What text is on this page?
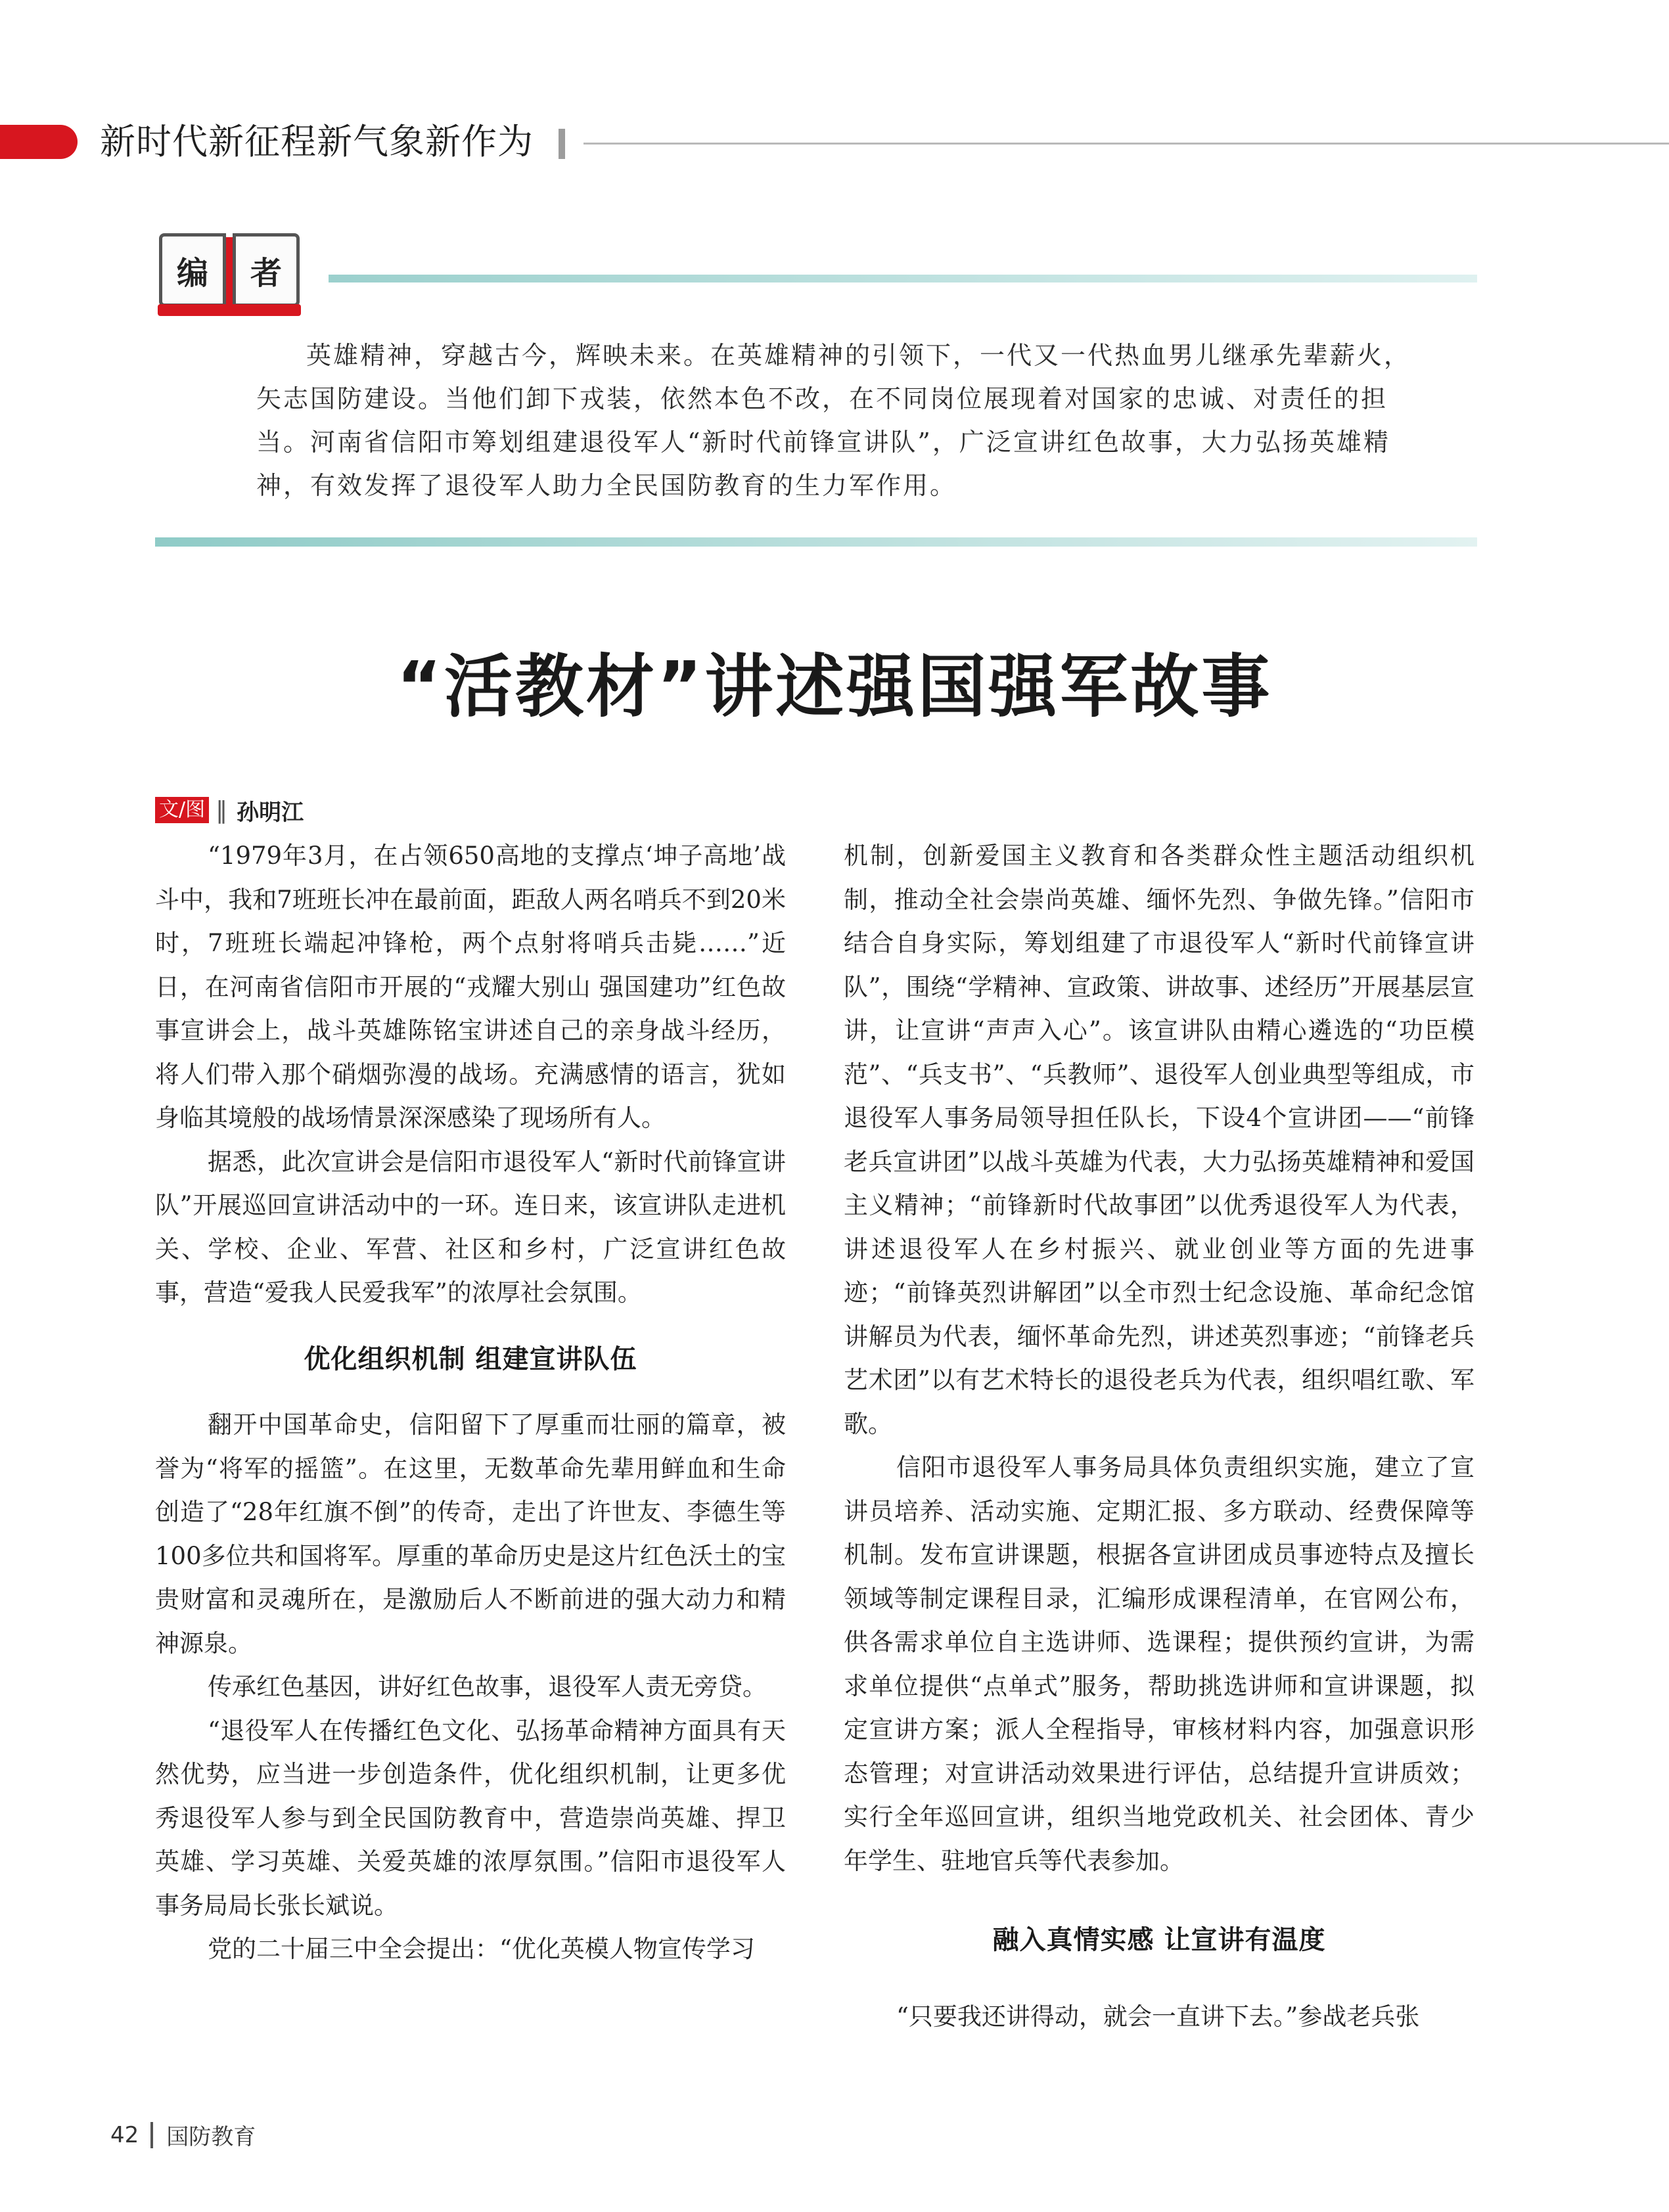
新时代新征程新气象新作为
编	者
英雄精神，穿越古今，辉映未来。在英雄精神的引领下，一代又一代热血男儿继承先辈薪火，矢志国防建设。当他们卸下戎装，依然本色不改，在不同岗位展现着对国家的忠诚、对责任的担当。河南省信阳市筹划组建退役军人“新时代前锋宣讲队”，广泛宣讲红色故事，大力弘扬英雄精神，有效发挥了退役军人助力全民国防教育的生力军作用。
“活教材”讲述强国强军故事
文/图 ‖ 孙明江

“1979年3月，在占领650高地的支撑点‘坤子高地’战斗中，我和7班班长冲在最前面，距敌人两名哨兵不到20米时，7班班长端起冲锋枪，两个点射将哨兵击毙……”近日，在河南省信阳市开展的“戎耀大别山 强国建功”红色故事宣讲会上，战斗英雄陈铭宝讲述自己的亲身战斗经历，将人们带入那个硝烟弥漫的战场。充满感情的语言，犹如身临其境般的战场情景深深感染了现场所有人。

据悉，此次宣讲会是信阳市退役军人“新时代前锋宣讲队”开展巡回宣讲活动中的一环。连日来，该宣讲队走进机关、学校、企业、军营、社区和乡村，广泛宣讲红色故事，营造“爱我人民爱我军”的浓厚社会氛围。

优化组织机制 组建宣讲队伍

翻开中国革命史，信阳留下了厚重而壮丽的篇章，被誉为“将军的摇篮”。在这里，无数革命先辈用鲜血和生命创造了“28年红旗不倒”的传奇，走出了许世友、李德生等100多位共和国将军。厚重的革命历史是这片红色沃土的宝贵财富和灵魂所在，是激励后人不断前进的强大动力和精神源泉。

传承红色基因，讲好红色故事，退役军人责无旁贷。

“退役军人在传播红色文化、弘扬革命精神方面具有天然优势，应当进一步创造条件，优化组织机制，让更多优秀退役军人参与到全民国防教育中，营造崇尚英雄、捍卫英雄、学习英雄、关爱英雄的浓厚氛围。”信阳市退役军人事务局局长张长斌说。

党的二十届三中全会提出：“优化英模人物宣传学习

机制，创新爱国主义教育和各类群众性主题活动组织机制，推动全社会崇尚英雄、缅怀先烈、争做先锋。”信阳市结合自身实际，筹划组建了市退役军人“新时代前锋宣讲队”，围绕“学精神、宣政策、讲故事、述经历”开展基层宣讲，让宣讲“声声入心”。该宣讲队由精心遴选的“功臣模范”、“兵支书”、“兵教师”、退役军人创业典型等组成，市退役军人事务局领导担任队长，下设4个宣讲团——“前锋老兵宣讲团”以战斗英雄为代表，大力弘扬英雄精神和爱国主义精神；“前锋新时代故事团”以优秀退役军人为代表，讲述退役军人在乡村振兴、就业创业等方面的先进事迹；“前锋英烈讲解团”以全市烈士纪念设施、革命纪念馆讲解员为代表，缅怀革命先烈，讲述英烈事迹；“前锋老兵艺术团”以有艺术特长的退役老兵为代表，组织唱红歌、军歌。

信阳市退役军人事务局具体负责组织实施，建立了宣讲员培养、活动实施、定期汇报、多方联动、经费保障等机制。发布宣讲课题，根据各宣讲团成员事迹特点及擅长领域等制定课程目录，汇编形成课程清单，在官网公布，供各需求单位自主选讲师、选课程；提供预约宣讲，为需求单位提供“点单式”服务，帮助挑选讲师和宣讲课题，拟定宣讲方案；派人全程指导，审核材料内容，加强意识形态管理；对宣讲活动效果进行评估，总结提升宣讲质效；实行全年巡回宣讲，组织当地党政机关、社会团体、青少年学生、驻地官兵等代表参加。

融入真情实感 让宣讲有温度

“只要我还讲得动，就会一直讲下去。”参战老兵张

42 国防教育
